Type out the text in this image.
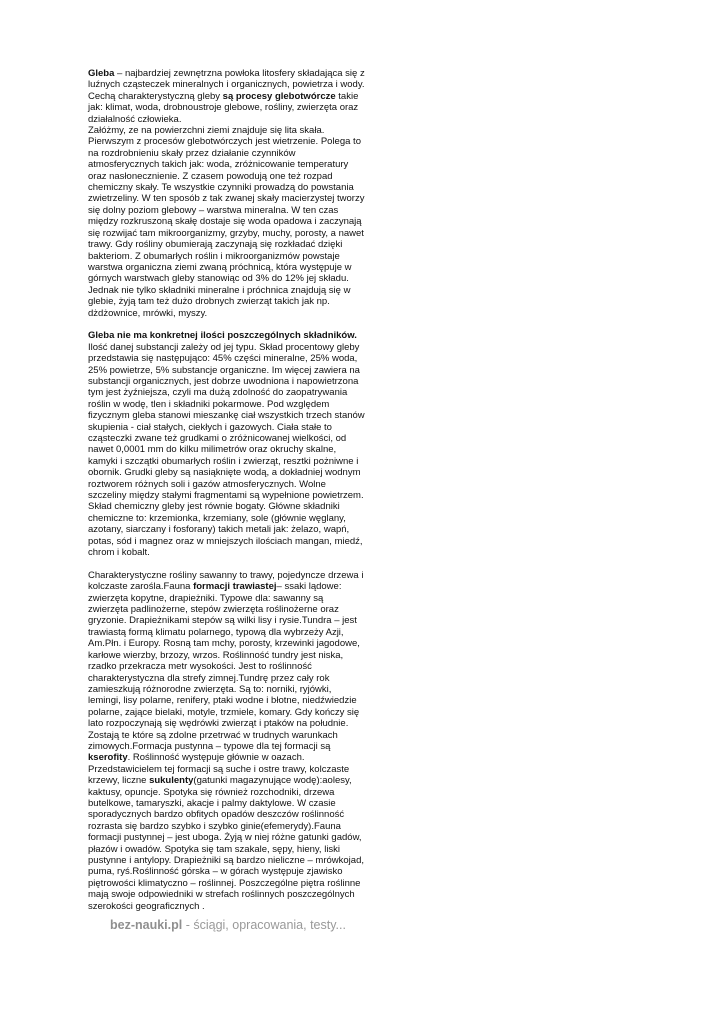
Gleba – najbardziej zewnętrzna powłoka litosfery składająca się z luźnych cząsteczek mineralnych i organicznych, powietrza i wody. Cechą charakterystyczną gleby są procesy glebotwórcze takie jak: klimat, woda, drobnoustroje glebowe, rośliny, zwierzęta oraz działalność człowieka.

Załóżmy, ze na powierzchni ziemi znajduje się lita skała. Pierwszym z procesów glebotwórczych jest wietrzenie. Polega to na rozdrobnieniu skały przez działanie czynników atmosferycznych takich jak: woda, zróżnicowanie temperatury oraz nasłonecznienie. Z czasem powodują one też rozpad chemiczny skały. Te wszystkie czynniki prowadzą do powstania zwietrzeliny. W ten sposób z tak zwanej skały macierzystej tworzy się dolny poziom glebowy – warstwa mineralna. W ten czas między rozkruszoną skałę dostaje się woda opadowa i zaczynają się rozwijać tam mikroorganizmy, grzyby, muchy, porosty, a nawet trawy. Gdy rośliny obumierają zaczynają się rozkładać dzięki bakteriom. Z obumarłych roślin i mikroorganizmów powstaje warstwa organiczna ziemi zwaną próchnicą, która występuje w górnych warstwach gleby stanowiąc od 3% do 12% jej składu. Jednak nie tylko składniki mineralne i próchnica znajdują się w glebie, żyją tam też dużo drobnych zwierząt takich jak np. dżdżownice, mrówki, myszy.

Gleba nie ma konkretnej ilości poszczególnych składników. Ilość danej substancji zależy od jej typu. Skład procentowy gleby przedstawia się następująco: 45% części mineralne, 25% woda, 25% powietrze, 5% substancje organiczne. Im więcej zawiera na substancji organicznych, jest dobrze uwodniona i napowietrzona tym jest żyźniejsza, czyli ma dużą zdolność do zaopatrywania roślin w wodę, tlen i składniki pokarmowe. Pod względem fizycznym gleba stanowi mieszankę ciał wszystkich trzech stanów skupienia - ciał stałych, ciekłych i gazowych. Ciała stałe to cząsteczki zwane też grudkami o zróżnicowanej wielkości, od nawet 0,0001 mm do kilku milimetrów oraz okruchy skalne, kamyki i szczątki obumarłych roślin i zwierząt, resztki pożniwne i obornik. Grudki gleby są nasiąknięte wodą, a dokładniej wodnym roztworem różnych soli i gazów atmosferycznych. Wolne szczeliny między stałymi fragmentami są wypełnione powietrzem. Skład chemiczny gleby jest równie bogaty. Główne składniki chemiczne to: krzemionka, krzemiany, sole (głównie węglany, azotany, siarczany i fosforany) takich metali jak: żelazo, wapń, potas, sód i magnez oraz w mniejszych ilościach mangan, miedź, chrom i kobalt.

Charakterystyczne rośliny sawanny to trawy, pojedyncze drzewa i kolczaste zarośla.Fauna formacji trawiastej– ssaki lądowe: zwierzęta kopytne, drapieżniki. Typowe dla: sawanny są zwierzęta padlinożerne, stepów zwierzęta roślinożerne oraz gryzonie. Drapieżnikami stepów są wilki lisy i rysie.Tundra – jest trawiastą formą klimatu polarnego, typową dla wybrzeży Azji, Am.Płn. i Europy. Rosną tam mchy, porosty, krzewinki jagodowe, karłowe wierzby, brzozy, wrzos. Roślinność tundry jest niska, rzadko przekracza metr wysokości. Jest to roślinność charakterystyczna dla strefy zimnej.Tundrę przez cały rok zamieszkują różnorodne zwierzęta. Są to: norniki, ryjówki, lemingi, lisy polarne, renifery, ptaki wodne i błotne, niedźwiedzie polarne, zające bielaki, motyle, trzmiele, komary. Gdy kończy się lato rozpoczynają się wędrówki zwierząt i ptaków na południe. Zostają te które są zdolne przetrwać w trudnych warunkach zimowych.Formacja pustynna – typowe dla tej formacji są kserofity. Roślinność występuje głównie w oazach. Przedstawicielem tej formacji są suche i ostre trawy, kolczaste krzewy, liczne sukulenty(gatunki magazynujące wodę):aolesy, kaktusy, opuncje. Spotyka się również rozchodniki, drzewa butelkowe, tamaryszki, akacje i palmy daktylowe. W czasie sporadycznych bardzo obfitych opadów deszczów roślinność rozrasta się bardzo szybko i szybko ginie(efemerydy).Fauna formacji pustynnej – jest uboga. Żyją w niej różne gatunki gadów, płazów i owadów. Spotyka się tam szakale, sępy, hieny, liski pustynne i antylopy. Drapieżniki są bardzo nieliczne – mrówkojad, puma, ryś.Roślinność górska – w górach występuje zjawisko piętrowości klimatyczno – roślinnej. Poszczególne piętra roślinne mają swoje odpowiedniki w strefach roślinnych poszczególnych szerokości geograficznych .

bez-nauki.pl - ściągi, opracowania, testy...
